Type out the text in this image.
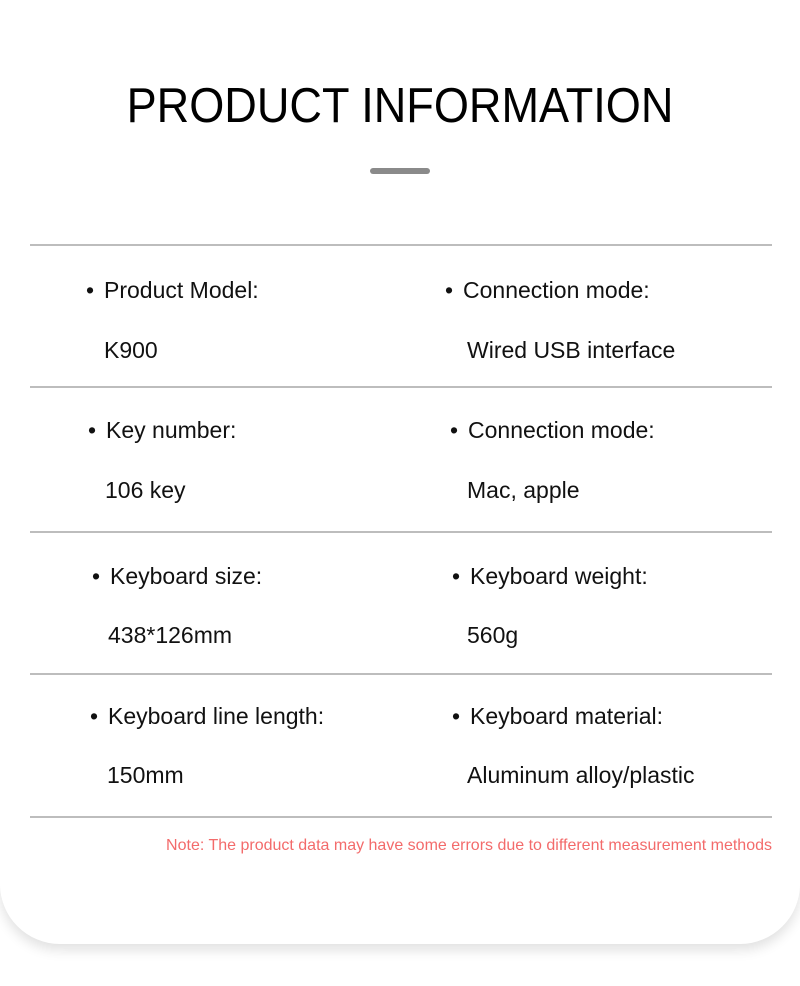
PRODUCT INFORMATION
• Product Model:
K900
• Connection mode:
Wired USB interface
• Key number:
106 key
• Connection mode:
Mac, apple
• Keyboard size:
438*126mm
• Keyboard weight:
560g
• Keyboard line length:
150mm
• Keyboard material:
Aluminum alloy/plastic
Note: The product data may have some errors due to different measurement methods
